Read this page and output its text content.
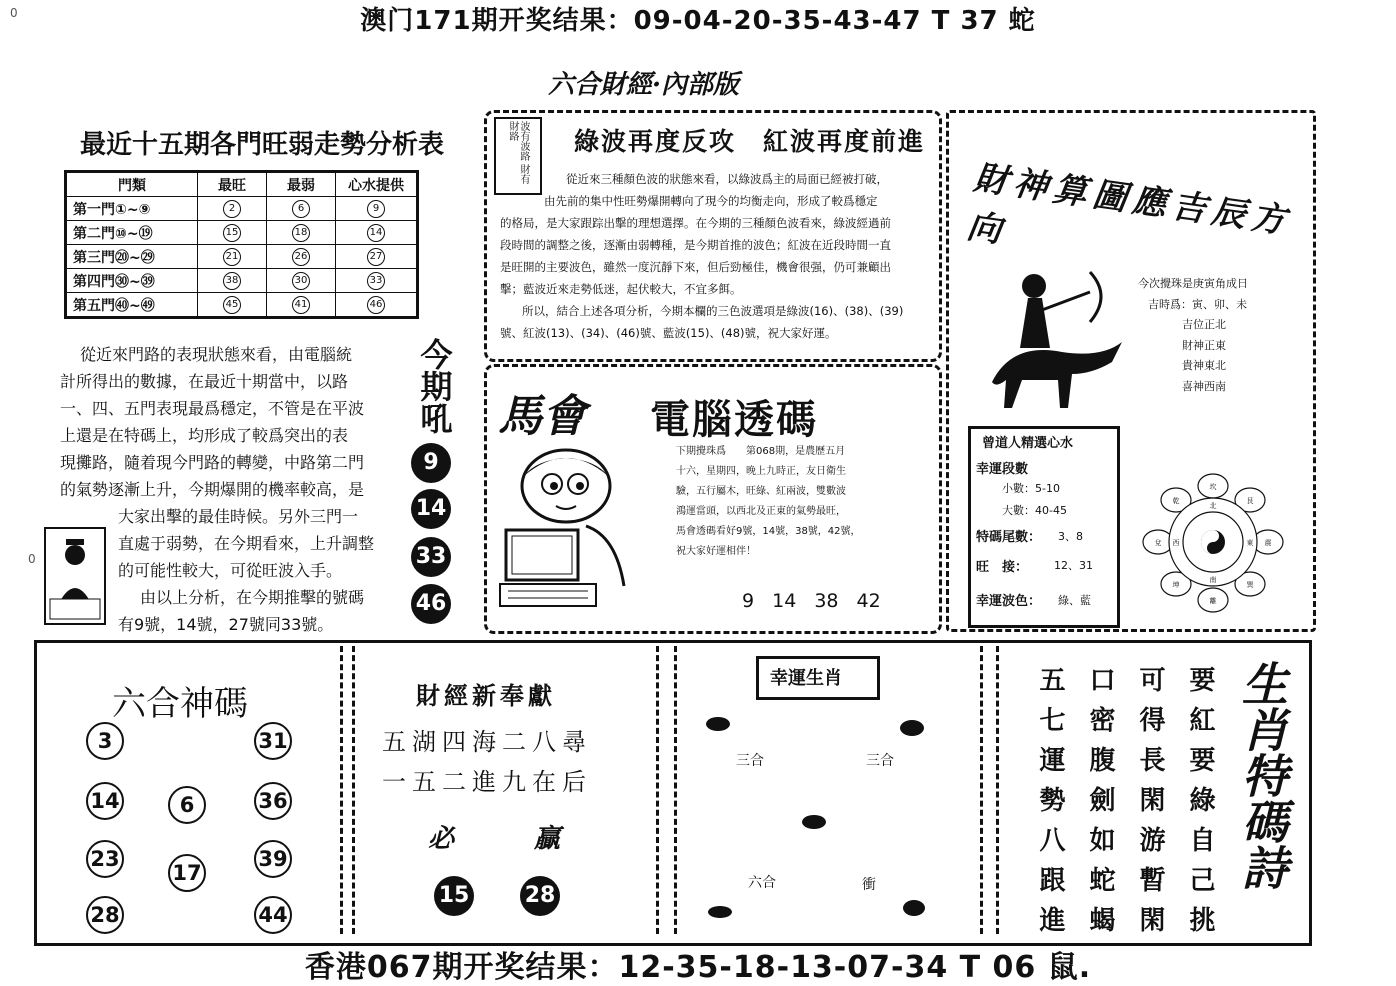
0	澳门171期开奖结果：09-04-20-35-43-47 T 37 蛇
六合財經·內部版
最近十五期各門旺弱走勢分析表
門類	最旺	最弱	心水提供
第一門①~⑨	2	6	9
第二門⑩~⑲	15	18	14
第三門⑳~㉙	21	26	27
第四門㉚~㊴	38	30	33
第五門㊵~㊾	45	41	46
從近來門路的表現狀態來看，由電腦統
計所得出的數據，在最近十期當中，以路
一、四、五門表現最爲穩定，不管是在平波
上還是在特碼上，均形成了較爲突出的表
現攤路，隨着現今門路的轉變，中路第二門
的氣勢逐漸上升，今期爆開的機率較高，是
大家出擊的最佳時候。另外三門一
直處于弱勢，在今期看來，上升調整
的可能性較大，可從旺波入手。
由以上分析，在今期推擊的號碼
有9號，14號，27號同33號。
0
今期吼
9
14
33
46
波有波路 財有財路	綠波再度反攻　紅波再度前進
從近來三種顏色波的狀態來看，以綠波爲主的局面已經被打破，
由先前的集中性旺勢爆開轉向了現今的均衡走向，形成了較爲穩定
的格局，是大家跟踪出擊的理想選擇。在今期的三種顏色波看來，綠波經過前
段時間的調整之後，逐漸由弱轉種，是今期首推的波色；紅波在近段時間一直
是旺開的主要波色，雖然一度沉靜下來，但后勁極佳，機會很强，仍可兼顧出
擊；藍波近來走勢低迷，起伏較大，不宜多餌。
所以，結合上述各項分析，今期本欄的三色波選項是綠波(16)、(38)、(39)
號、紅波(13)、(34)、(46)號、藍波(15)、(48)號，祝大家好運。
馬會 電腦透碼
下期攪珠爲　　第068期，是農歷五月
十六，星期四，晚上九時正，友日衛生
驗，五行屬木，旺綠、紅兩波，雙數波
鴻運當頭，以西北及正東的氣勢最旺，
馬會透碼看好9號，14號，38號，42號，
祝大家好運相伴！
9 14 38 42
財神算圖應吉辰方向
今次攪珠是庚寅角成日
吉時爲：寅、卯、未
吉位正北
財神正東
貴神東北
喜神西南
曾道人精選心水
幸運段數
小數：5-10
大數：40-45
特碼尾數： 3、8
旺　接： 12、31
幸運波色： 綠、藍
坎
艮
震
巽
離
坤
兌
乾
北
東
南
西
六合神碼
3	31
14	6	36
23
17
39
28	44
財經新奉獻
五湖四海二八尋
一五二進九在后
必	贏
15	28
幸運生肖
三合	三合
六合	衝	五七運勢八跟進 口密腹劍如蛇蝎 可得長閑游暫閑 要紅要綠自己挑 生肖特碼詩
香港067期开奖结果：12-35-18-13-07-34 T 06 鼠.
